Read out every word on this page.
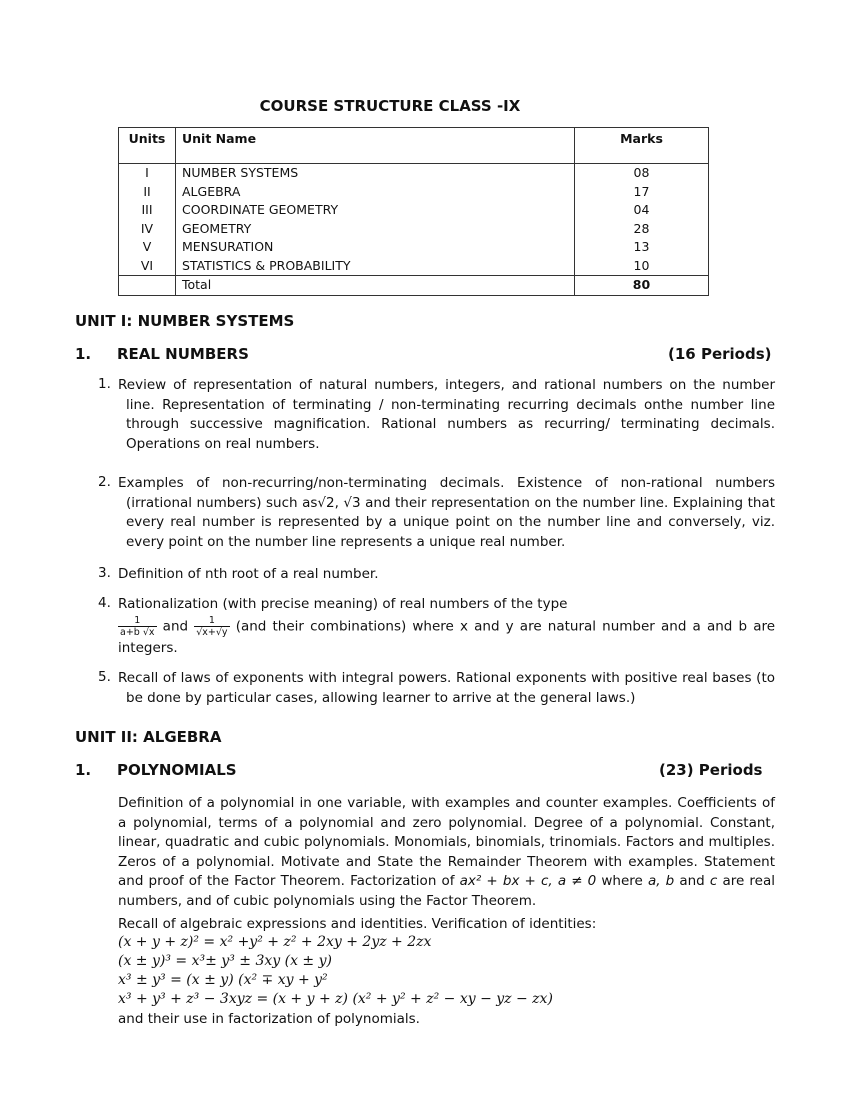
COURSE STRUCTURE CLASS -IX
Units	Unit Name	Marks
I	NUMBER SYSTEMS	08
II	ALGEBRA	17
III	COORDINATE GEOMETRY	04
IV	GEOMETRY	28
V	MENSURATION	13
VI	STATISTICS & PROBABILITY	10
	Total	80
UNIT I: NUMBER SYSTEMS
1. REAL NUMBERS	(16 Periods)
1. Review of representation of natural numbers, integers, and rational numbers on the number line. Representation of terminating / non-terminating recurring decimals onthe number line through successive magnification. Rational numbers as recurring/ terminating decimals. Operations on real numbers.
2. Examples of non-recurring/non-terminating decimals. Existence of non-rational numbers (irrational numbers) such as√2, √3 and their representation on the number line. Explaining that every real number is represented by a unique point on the number line and conversely, viz. every point on the number line represents a unique real number.
3. Definition of nth root of a real number.
4. Rationalization (with precise meaning) of real numbers of the type
$\frac{1}{a+b √x}$ and $\frac{1}{√x+√y} (and$ their combinations) where x and y are natural number and a and b are integers.
5. Recall of laws of exponents with integral powers. Rational exponents with positive real bases (to be done by particular cases, allowing learner to arrive at the general laws.)
UNIT II: ALGEBRA
1. POLYNOMIALS	(23) Periods
Definition of a polynomial in one variable, with examples and counter examples. Coefficients of a polynomial, terms of a polynomial and zero polynomial. Degree of a polynomial. Constant, linear, quadratic and cubic polynomials. Monomials, binomials, trinomials. Factors and multiples. Zeros of a polynomial. Motivate and State the Remainder Theorem with examples. Statement and proof of the Factor Theorem. Factorization of ax² + bx + c, a ≠ 0 where a, b and c are real numbers, and of cubic polynomials using the Factor Theorem.
Recall of algebraic expressions and identities. Verification of identities:
(x + y + z)² = x² +y² + z² + 2xy + 2yz + 2zx
(x ± y)³ = x³± y³ ± 3xy (x ± y)
x³ ± y³ = (x ± y) (x² ∓ xy + y²
x³ + y³ + z³ − 3xyz = (x + y + z) (x² + y² + z² − xy − yz − zx)
and their use in factorization of polynomials.
